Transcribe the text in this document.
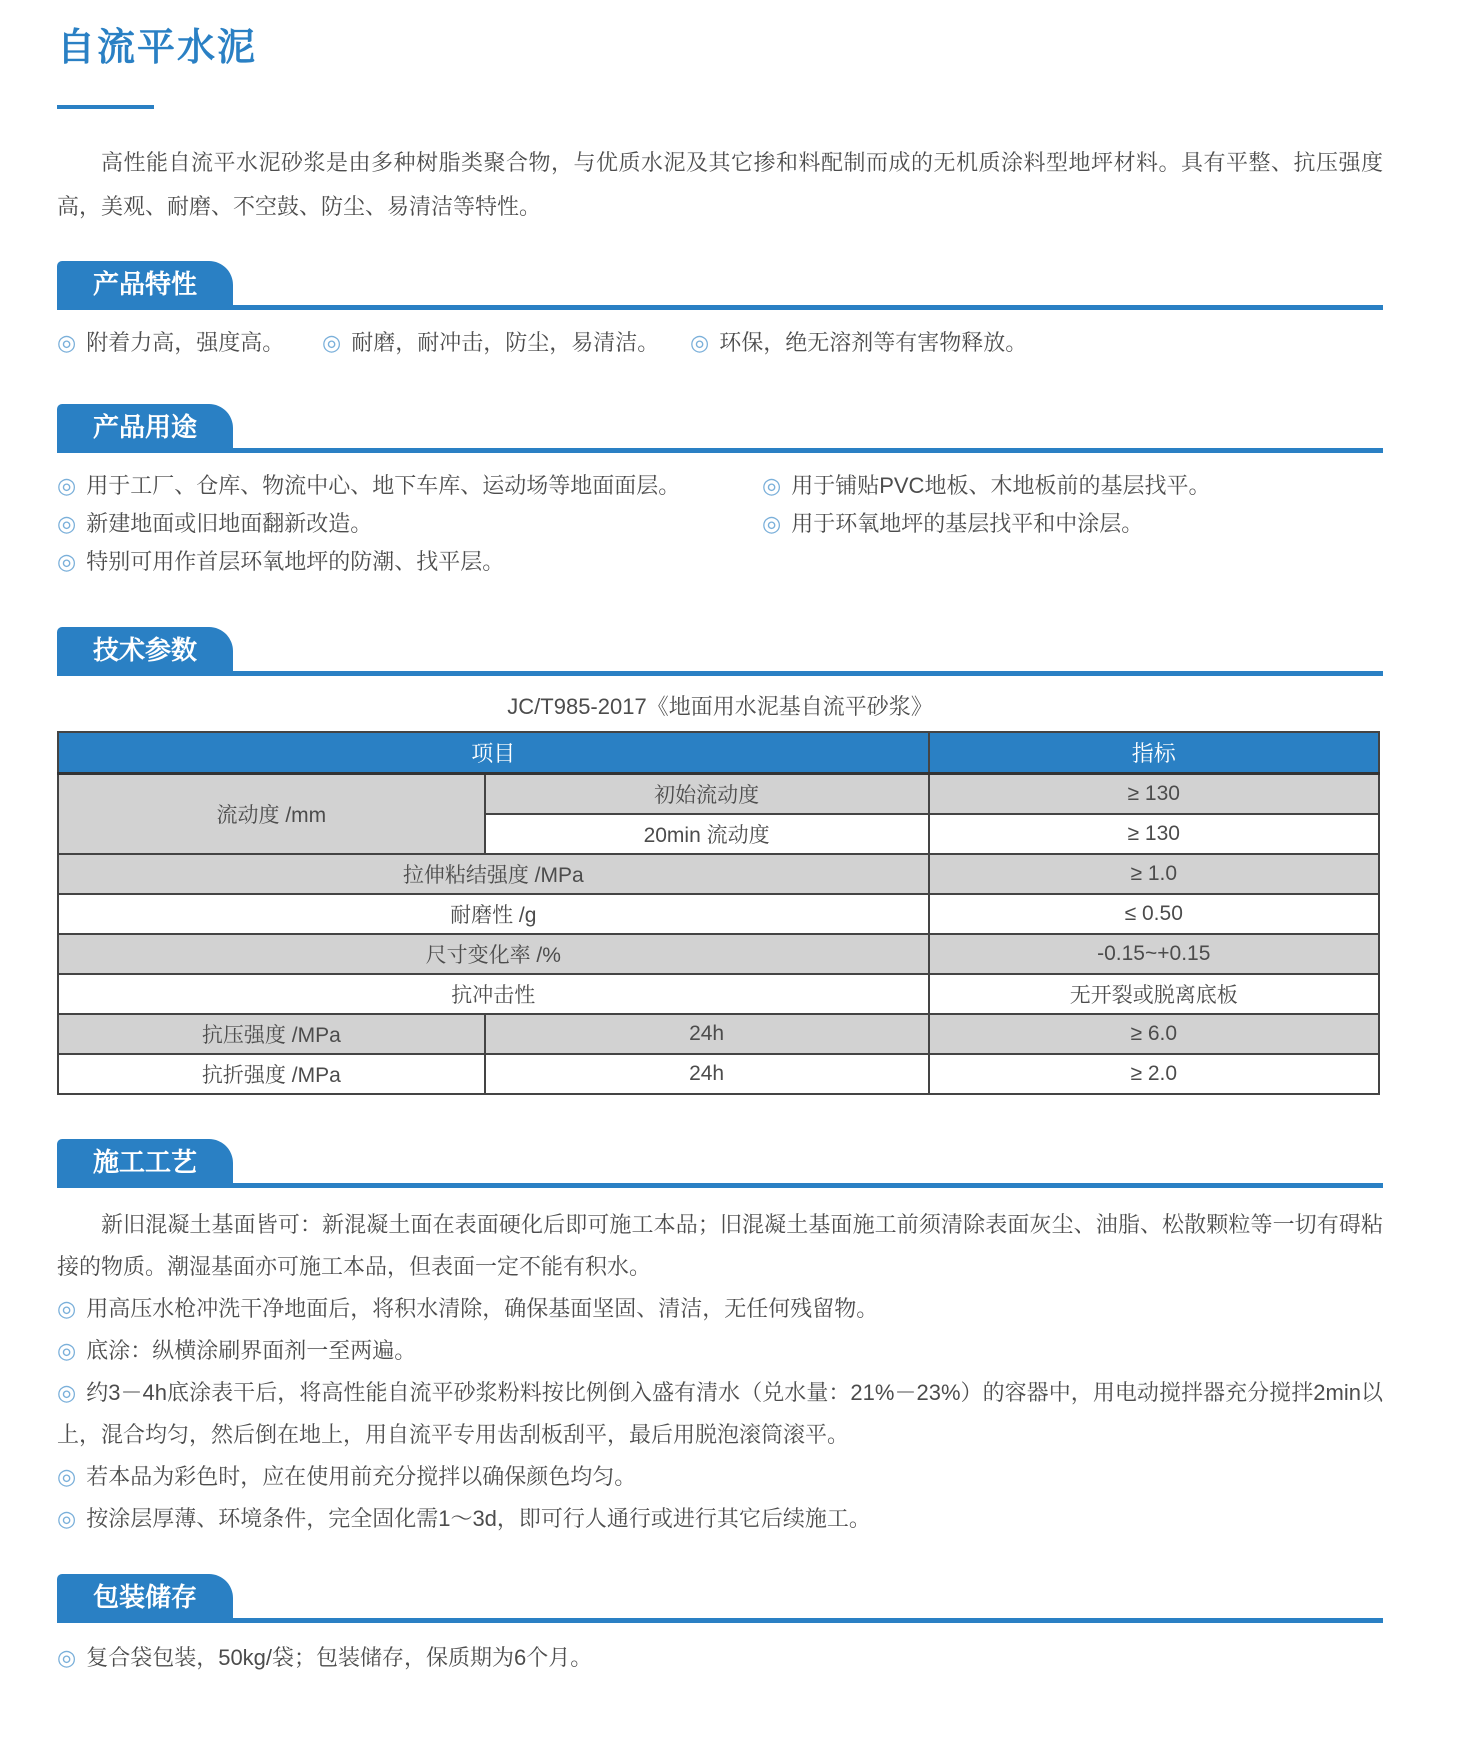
自流平水泥

高性能自流平水泥砂浆是由多种树脂类聚合物，与优质水泥及其它掺和料配制而成的无机质涂料型地坪材料。具有平整、抗压强度高，美观、耐磨、不空鼓、防尘、易清洁等特性。

产品特性

◎ 附着力高，强度高。	◎ 耐磨，耐冲击，防尘，易清洁。	◎ 环保，绝无溶剂等有害物释放。

产品用途

◎ 用于工厂、仓库、物流中心、地下车库、运动场等地面面层。

◎ 新建地面或旧地面翻新改造。

◎ 特别可用作首层环氧地坪的防潮、找平层。

◎ 用于铺贴PVC地板、木地板前的基层找平。

◎ 用于环氧地坪的基层找平和中涂层。

技术参数
JC/T985-2017《地面用水泥基自流平砂浆》
项目		指标
流动度 /mm	初始流动度	≥ 130
	20min 流动度	≥ 130
拉伸粘结强度 /MPa		≥ 1.0
耐磨性 /g		≤ 0.50
尺寸变化率 /%		-0.15~+0.15
抗冲击性		无开裂或脱离底板
抗压强度 /MPa	24h	≥ 6.0
抗折强度 /MPa	24h	≥ 2.0
施工工艺

新旧混凝土基面皆可：新混凝土面在表面硬化后即可施工本品；旧混凝土基面施工前须清除表面灰尘、油脂、松散颗粒等一切有碍粘接的物质。潮湿基面亦可施工本品，但表面一定不能有积水。

◎ 用高压水枪冲洗干净地面后，将积水清除，确保基面坚固、清洁，无任何残留物。

◎ 底涂：纵横涂刷界面剂一至两遍。

◎ 约3－4h底涂表干后，将高性能自流平砂浆粉料按比例倒入盛有清水（兑水量：21%－23%）的容器中，用电动搅拌器充分搅拌2min以上，混合均匀，然后倒在地上，用自流平专用齿刮板刮平，最后用脱泡滚筒滚平。

◎ 若本品为彩色时，应在使用前充分搅拌以确保颜色均匀。

◎ 按涂层厚薄、环境条件，完全固化需1～3d，即可行人通行或进行其它后续施工。

包装储存

◎ 复合袋包装，50kg/袋；包装储存，保质期为6个月。
